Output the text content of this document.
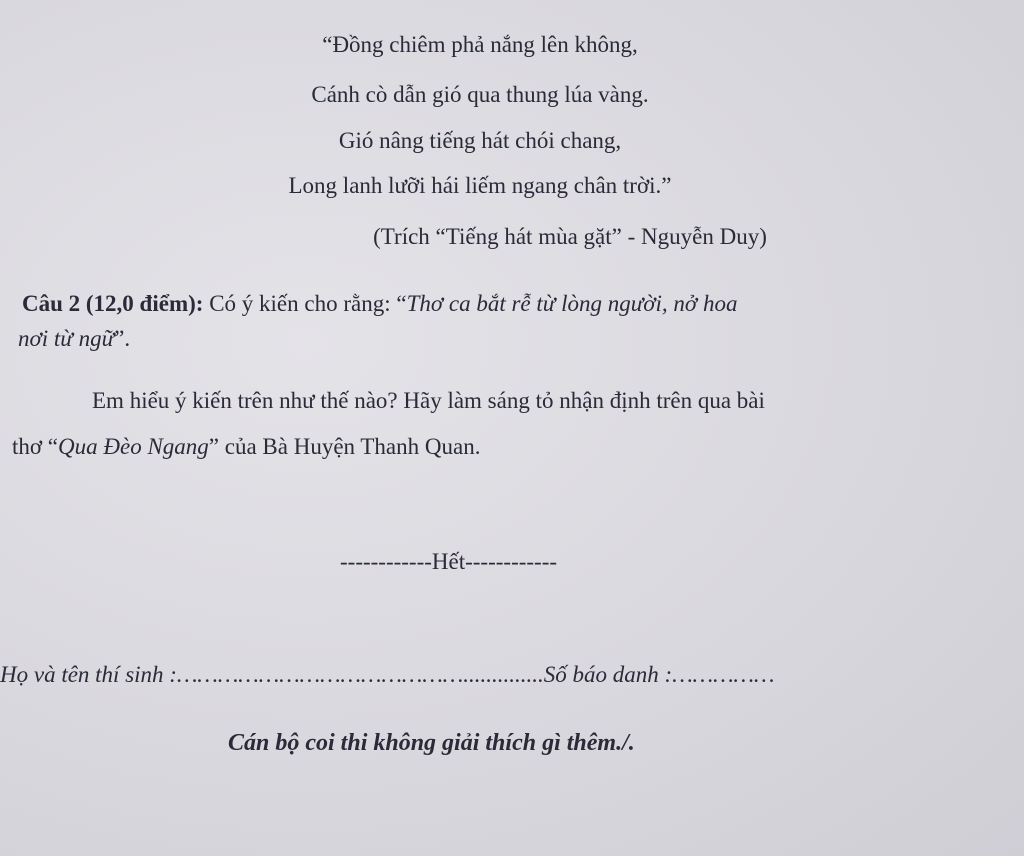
“Đồng chiêm phả nắng lên không,
Cánh cò dẫn gió qua thung lúa vàng.
Gió nâng tiếng hát chói chang,
Long lanh lưỡi hái liếm ngang chân trời.”
(Trích “Tiếng hát mùa gặt” - Nguyễn Duy)
Câu 2 (12,0 điểm): Có ý kiến cho rằng: “Thơ ca bắt rễ từ lòng người, nở hoa
nơi từ ngữ”.
Em hiểu ý kiến trên như thế nào? Hãy làm sáng tỏ nhận định trên qua bài
thơ “Qua Đèo Ngang” của Bà Huyện Thanh Quan.
------------Hết------------
Họ và tên thí sinh :……………………………………..............Số báo danh :……………
Cán bộ coi thi không giải thích gì thêm./.
